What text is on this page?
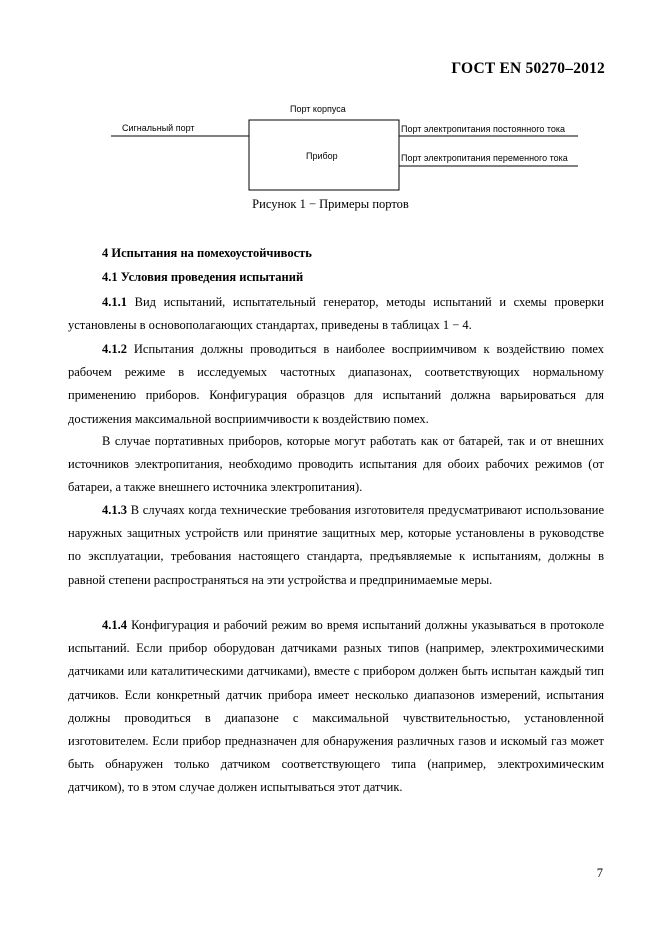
ГОСТ EN 50270–2012
Порт корпуса
Сигнальный порт
Прибор
Порт электропитания постоянного тока
Порт электропитания переменного тока
Рисунок 1 − Примеры портов

4 Испытания на помехоустойчивость

4.1 Условия проведения испытаний

4.1.1 Вид испытаний, испытательный генератор, методы испытаний и схемы проверки установлены в основополагающих стандартах, приведены в таблицах 1 − 4.

4.1.2 Испытания должны проводиться в наиболее восприимчивом к воздействию помех рабочем режиме в исследуемых частотных диапазонах, соответствующих нормальному применению приборов. Конфигурация образцов для испытаний должна варьироваться для достижения максимальной восприимчивости к воздействию помех.

В случае портативных приборов, которые могут работать как от батарей, так и от внешних источников электропитания, необходимо проводить испытания для обоих рабочих режимов (от батареи, а также внешнего источника электропитания).

4.1.3 В случаях когда технические требования изготовителя предусматривают использование наружных защитных устройств или принятие защитных мер, которые установлены в руководстве по эксплуатации, требования настоящего стандарта, предъявляемые к испытаниям, должны в равной степени распространяться на эти устройства и предпринимаемые меры.

4.1.4 Конфигурация и рабочий режим во время испытаний должны указываться в протоколе испытаний. Если прибор оборудован датчиками разных типов (например, электрохимическими датчиками или каталитическими датчиками), вместе с прибором должен быть испытан каждый тип датчиков. Если конкретный датчик прибора имеет несколько диапазонов измерений, испытания должны проводиться в диапазоне с максимальной чувствительностью, установленной изготовителем. Если прибор предназначен для обнаружения различных газов и искомый газ может быть обнаружен только датчиком соответствующего типа (например, электрохимическим датчиком), то в этом случае должен испытываться этот датчик.

7
